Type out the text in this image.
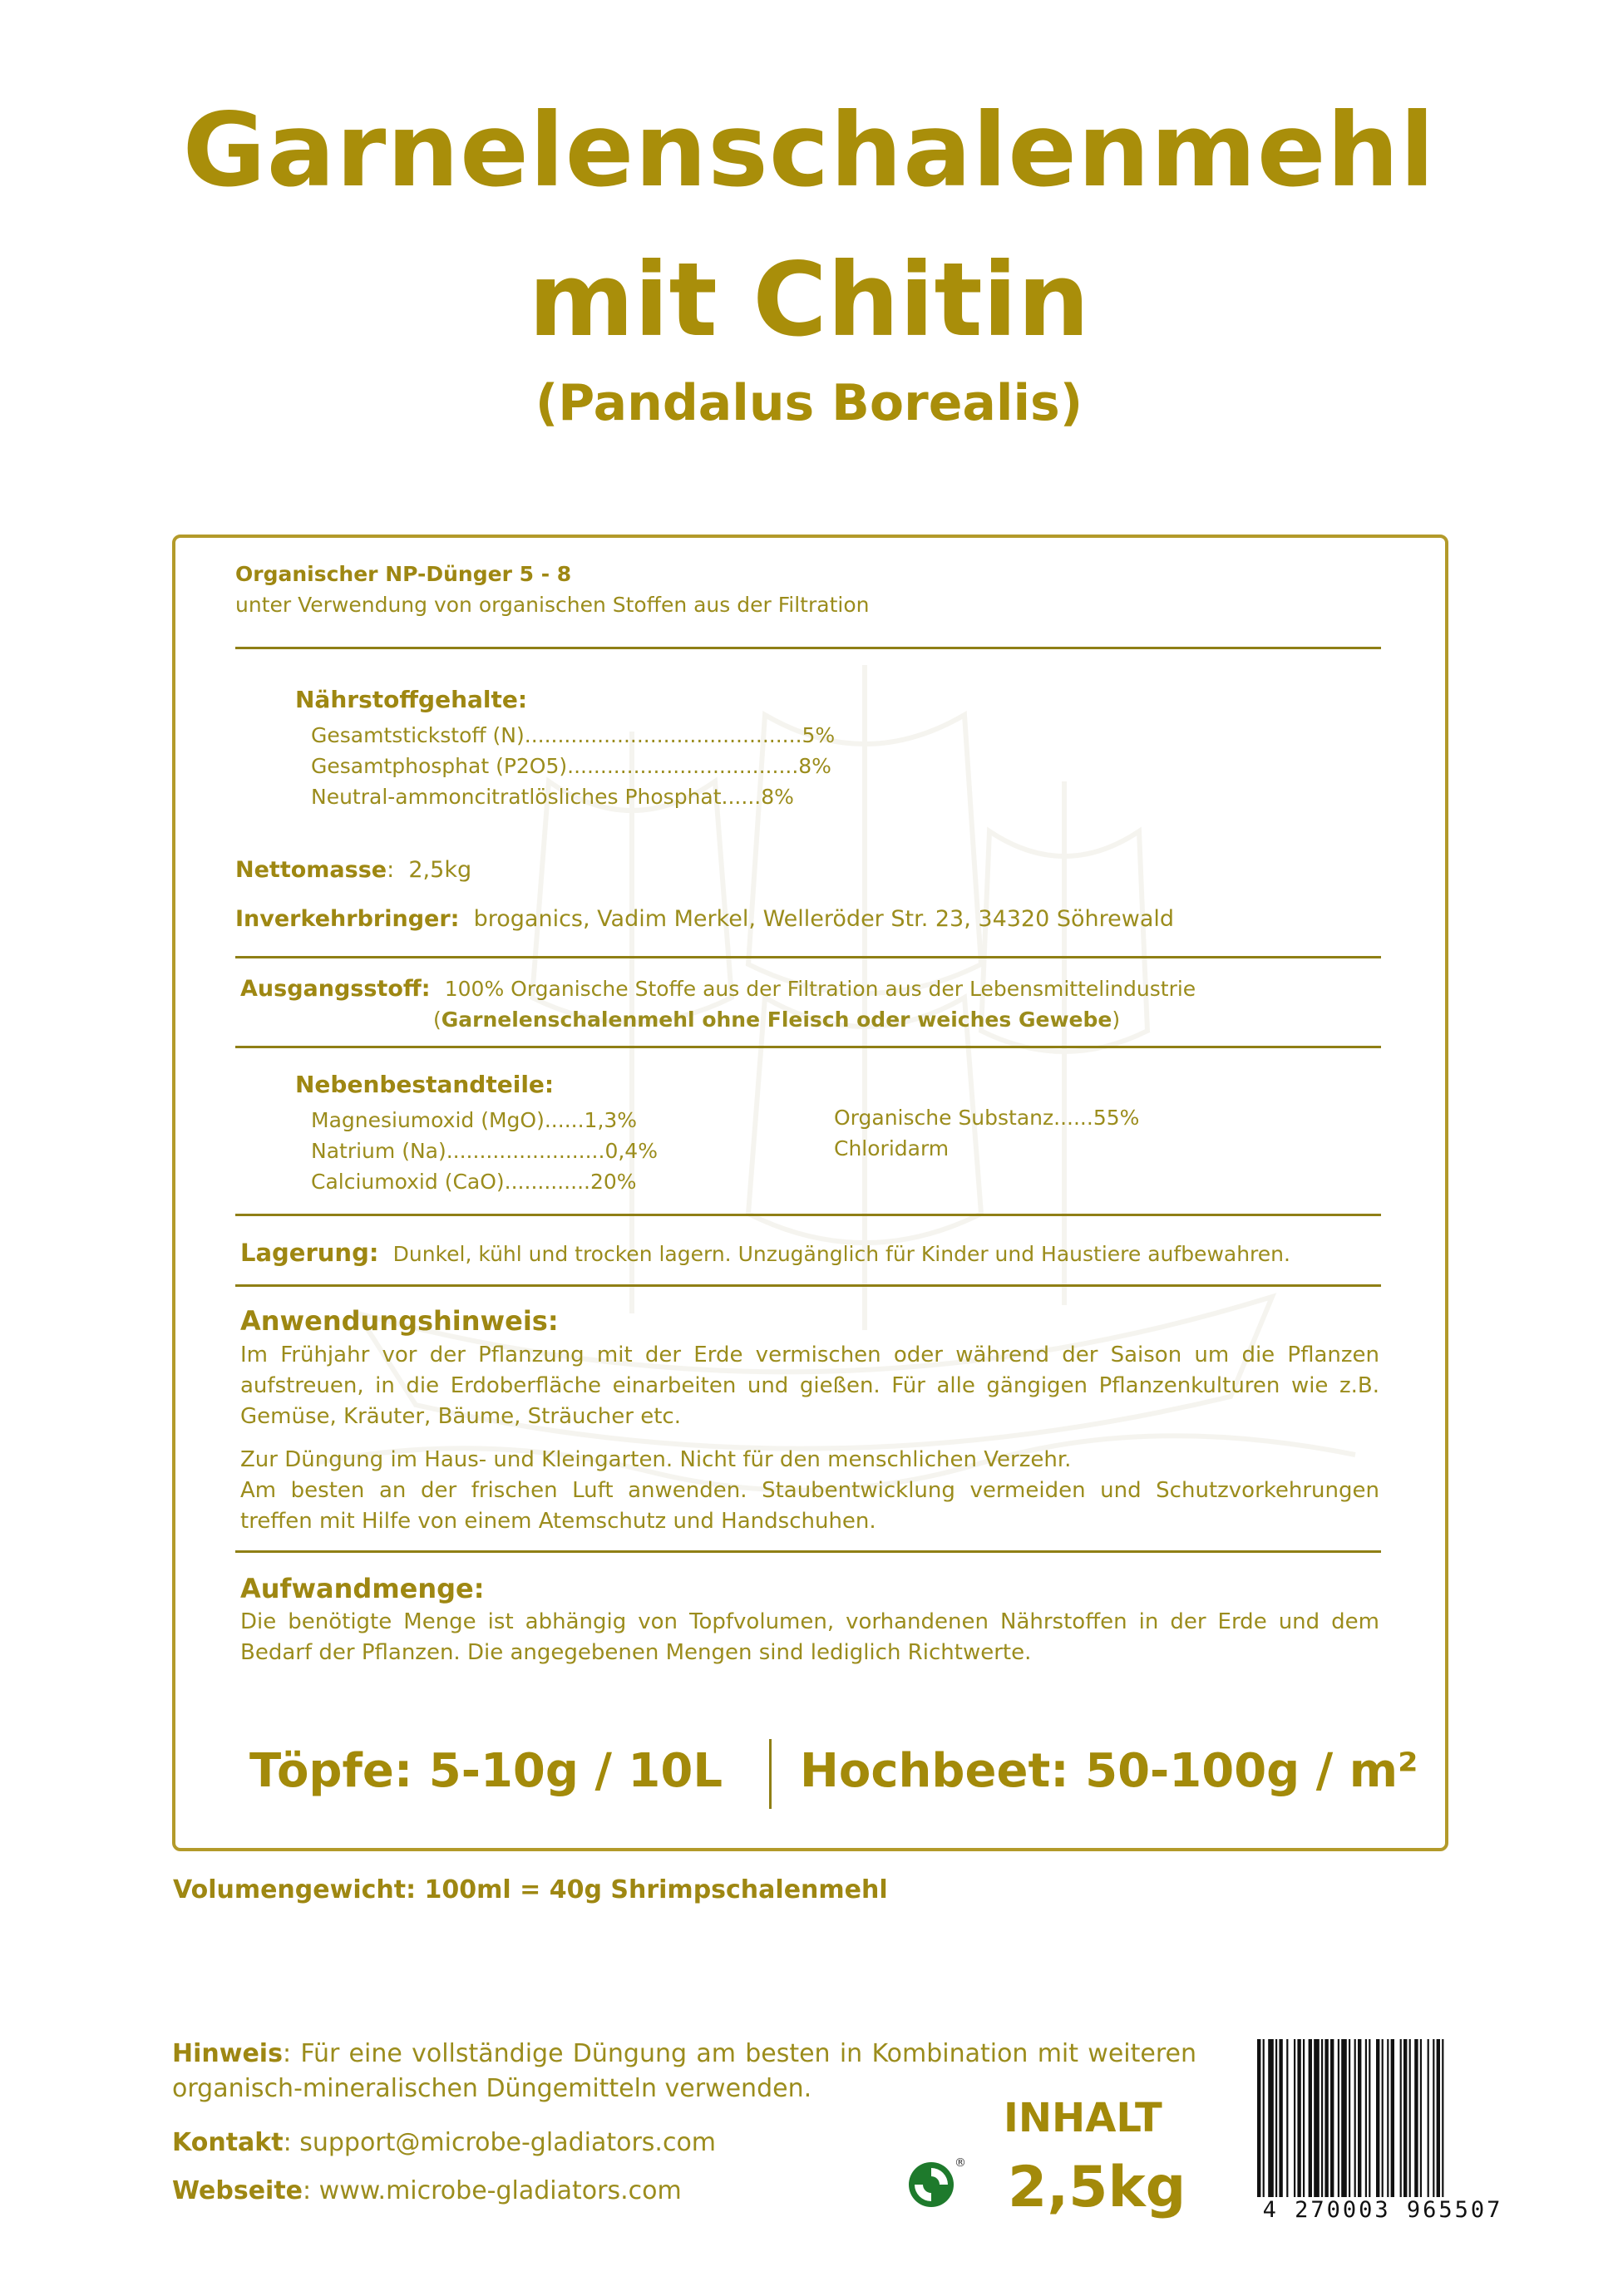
Garnelenschalenmehl
mit Chitin
(Pandalus Borealis)
Organischer NP-Dünger 5 - 8
unter Verwendung von organischen Stoffen aus der Filtration
Nährstoffgehalte:
Gesamtstickstoff (N)..........................................5%
Gesamtphosphat (P2O5)...................................8%
Neutral-ammoncitratlösliches Phosphat......8%
Nettomasse: 2,5kg
Inverkehrbringer: broganics, Vadim Merkel, Welleröder Str. 23, 34320 Söhrewald
Ausgangsstoff: 100% Organische Stoffe aus der Filtration aus der Lebensmittelindustrie
(Garnelenschalenmehl ohne Fleisch oder weiches Gewebe)
Nebenbestandteile:
Magnesiumoxid (MgO)......1,3%
Natrium (Na)........................0,4%
Calciumoxid (CaO).............20%
Organische Substanz......55%
Chloridarm
Lagerung: Dunkel, kühl und trocken lagern. Unzugänglich für Kinder und Haustiere aufbewahren.
Anwendungshinweis:
Im Frühjahr vor der Pflanzung mit der Erde vermischen oder während der Saison um die Pflanzen aufstreuen, in die Erdoberfläche einarbeiten und gießen. Für alle gängigen Pflanzenkulturen wie z.B. Gemüse, Kräuter, Bäume, Sträucher etc.
Zur Düngung im Haus- und Kleingarten. Nicht für den menschlichen Verzehr.
Am besten an der frischen Luft anwenden. Staubentwicklung vermeiden und Schutzvorkehrungen treffen mit Hilfe von einem Atemschutz und Handschuhen.
Aufwandmenge:
Die benötigte Menge ist abhängig von Topfvolumen, vorhandenen Nährstoffen in der Erde und dem Bedarf der Pflanzen. Die angegebenen Mengen sind lediglich Richtwerte.
Töpfe: 5-10g / 10L Hochbeet: 50-100g / m²
Volumengewicht: 100ml = 40g Shrimpschalenmehl
Hinweis: Für eine vollständige Düngung am besten in Kombination mit weiteren organisch-mineralischen Düngemitteln verwenden.
Kontakt: support@microbe-gladiators.com
Webseite: www.microbe-gladiators.com
INHALT
2,5kg
®
4 270003 965507
